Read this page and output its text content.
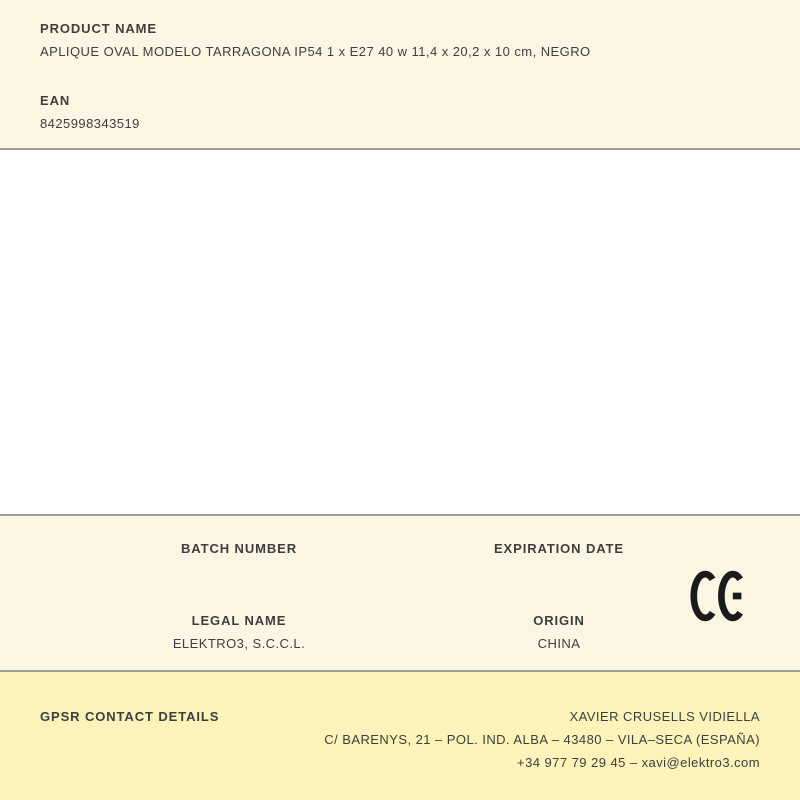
PRODUCT NAME
APLIQUE OVAL MODELO TARRAGONA IP54 1 x E27 40 w 11,4 x 20,2 x 10 cm, NEGRO
EAN
8425998343519
BATCH NUMBER	EXPIRATION DATE
LEGAL NAME
ELEKTRO3, S.C.C.L.
ORIGIN
CHINA
GPSR CONTACT DETAILS	XAVIER CRUSELLS VIDIELLA
C/ BARENYS, 21 – POL. IND. ALBA – 43480 – VILA–SECA (ESPAÑA)
+34 977 79 29 45 – xavi@elektro3.com
